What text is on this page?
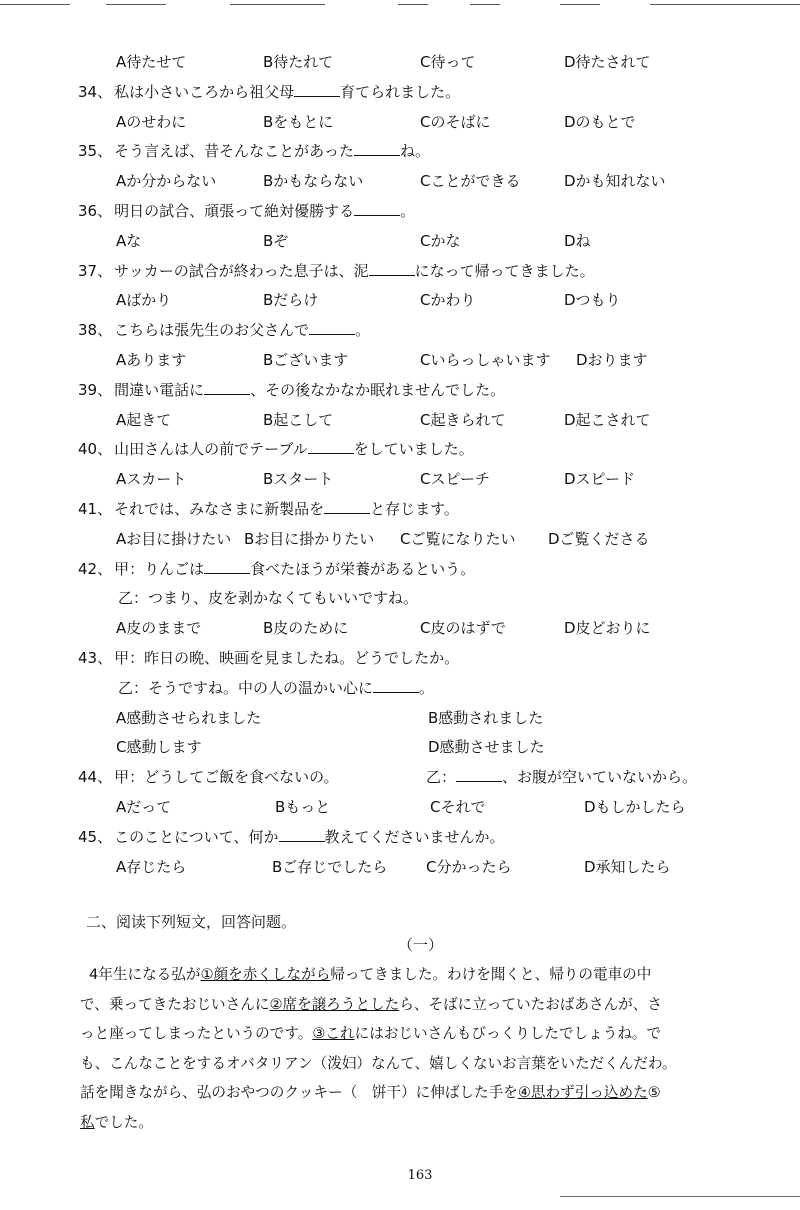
A待たせて	B待たれて	C待って	D待たされて
34、 私は小さいころから祖父母	育てられました。
Aのせわに	Bをもとに	Cのそばに	Dのもとで
35、 そう言えば、昔そんなことがあった	ね。
Aか分からない	Bかもならない	Cことができる	Dかも知れない
36、 明日の試合、頑張って絶対優勝する	。
Aな	Bぞ	Cかな	Dね
37、 サッカーの試合が終わった息子は、泥	になって帰ってきました。
Aばかり	Bだらけ	Cかわり	Dつもり
38、 こちらは張先生のお父さんで	。
Aあります	Bございます	Cいらっしゃいます Dおります
39、 間違い電話に	、その後なかなか眠れませんでした。
A起きて	B起こして	C起きられて	D起こされて
40、 山田さんは人の前でテーブル	をしていました。
Aスカート	Bスタート	Cスピーチ	Dスピード
41、 それでは、みなさまに新製品を	と存じます。
Aお目に掛けたい Bお目に掛かりたい Cご覧になりたい Dご覧くださる
42、 甲：りんごは	食べたほうが栄養があるという。
乙：つまり、皮を剥かなくてもいいですね。
A皮のままで	B皮のために	C皮のはずで	D皮どおりに
43、 甲：昨日の晩、映画を見ましたね。どうでしたか。
乙：そうですね。中の人の温かい心に	。
A感動させられました	B感動されました
C感動します	D感動させました
44、 甲：どうしてご飯を食べないの。	乙：	、お腹が空いていないから。
Aだって	Bもっと	Cそれで	Dもしかしたら
45、 このことについて、何か	教えてくださいませんか。
A存じたら	Bご存じでしたら	C分かったら	D承知したら
二、阅读下列短文，回答问题。
（一）
4年生になる弘が①顔を赤くしながら帰ってきました。わけを聞くと、帰りの電車の中
で、乗ってきたおじいさんに②席を譲ろうとしたら、そばに立っていたおばあさんが、さ
っと座ってしまったというのです。③これにはおじいさんもびっくりしたでしょうね。で
も、こんなことをするオバタリアン（泼妇）なんて、嬉しくないお言葉をいただくんだわ。
話を聞きながら、弘のおやつのクッキー（　饼干）に伸ばした手を④思わず引っ込めた⑤
私でした。
163
